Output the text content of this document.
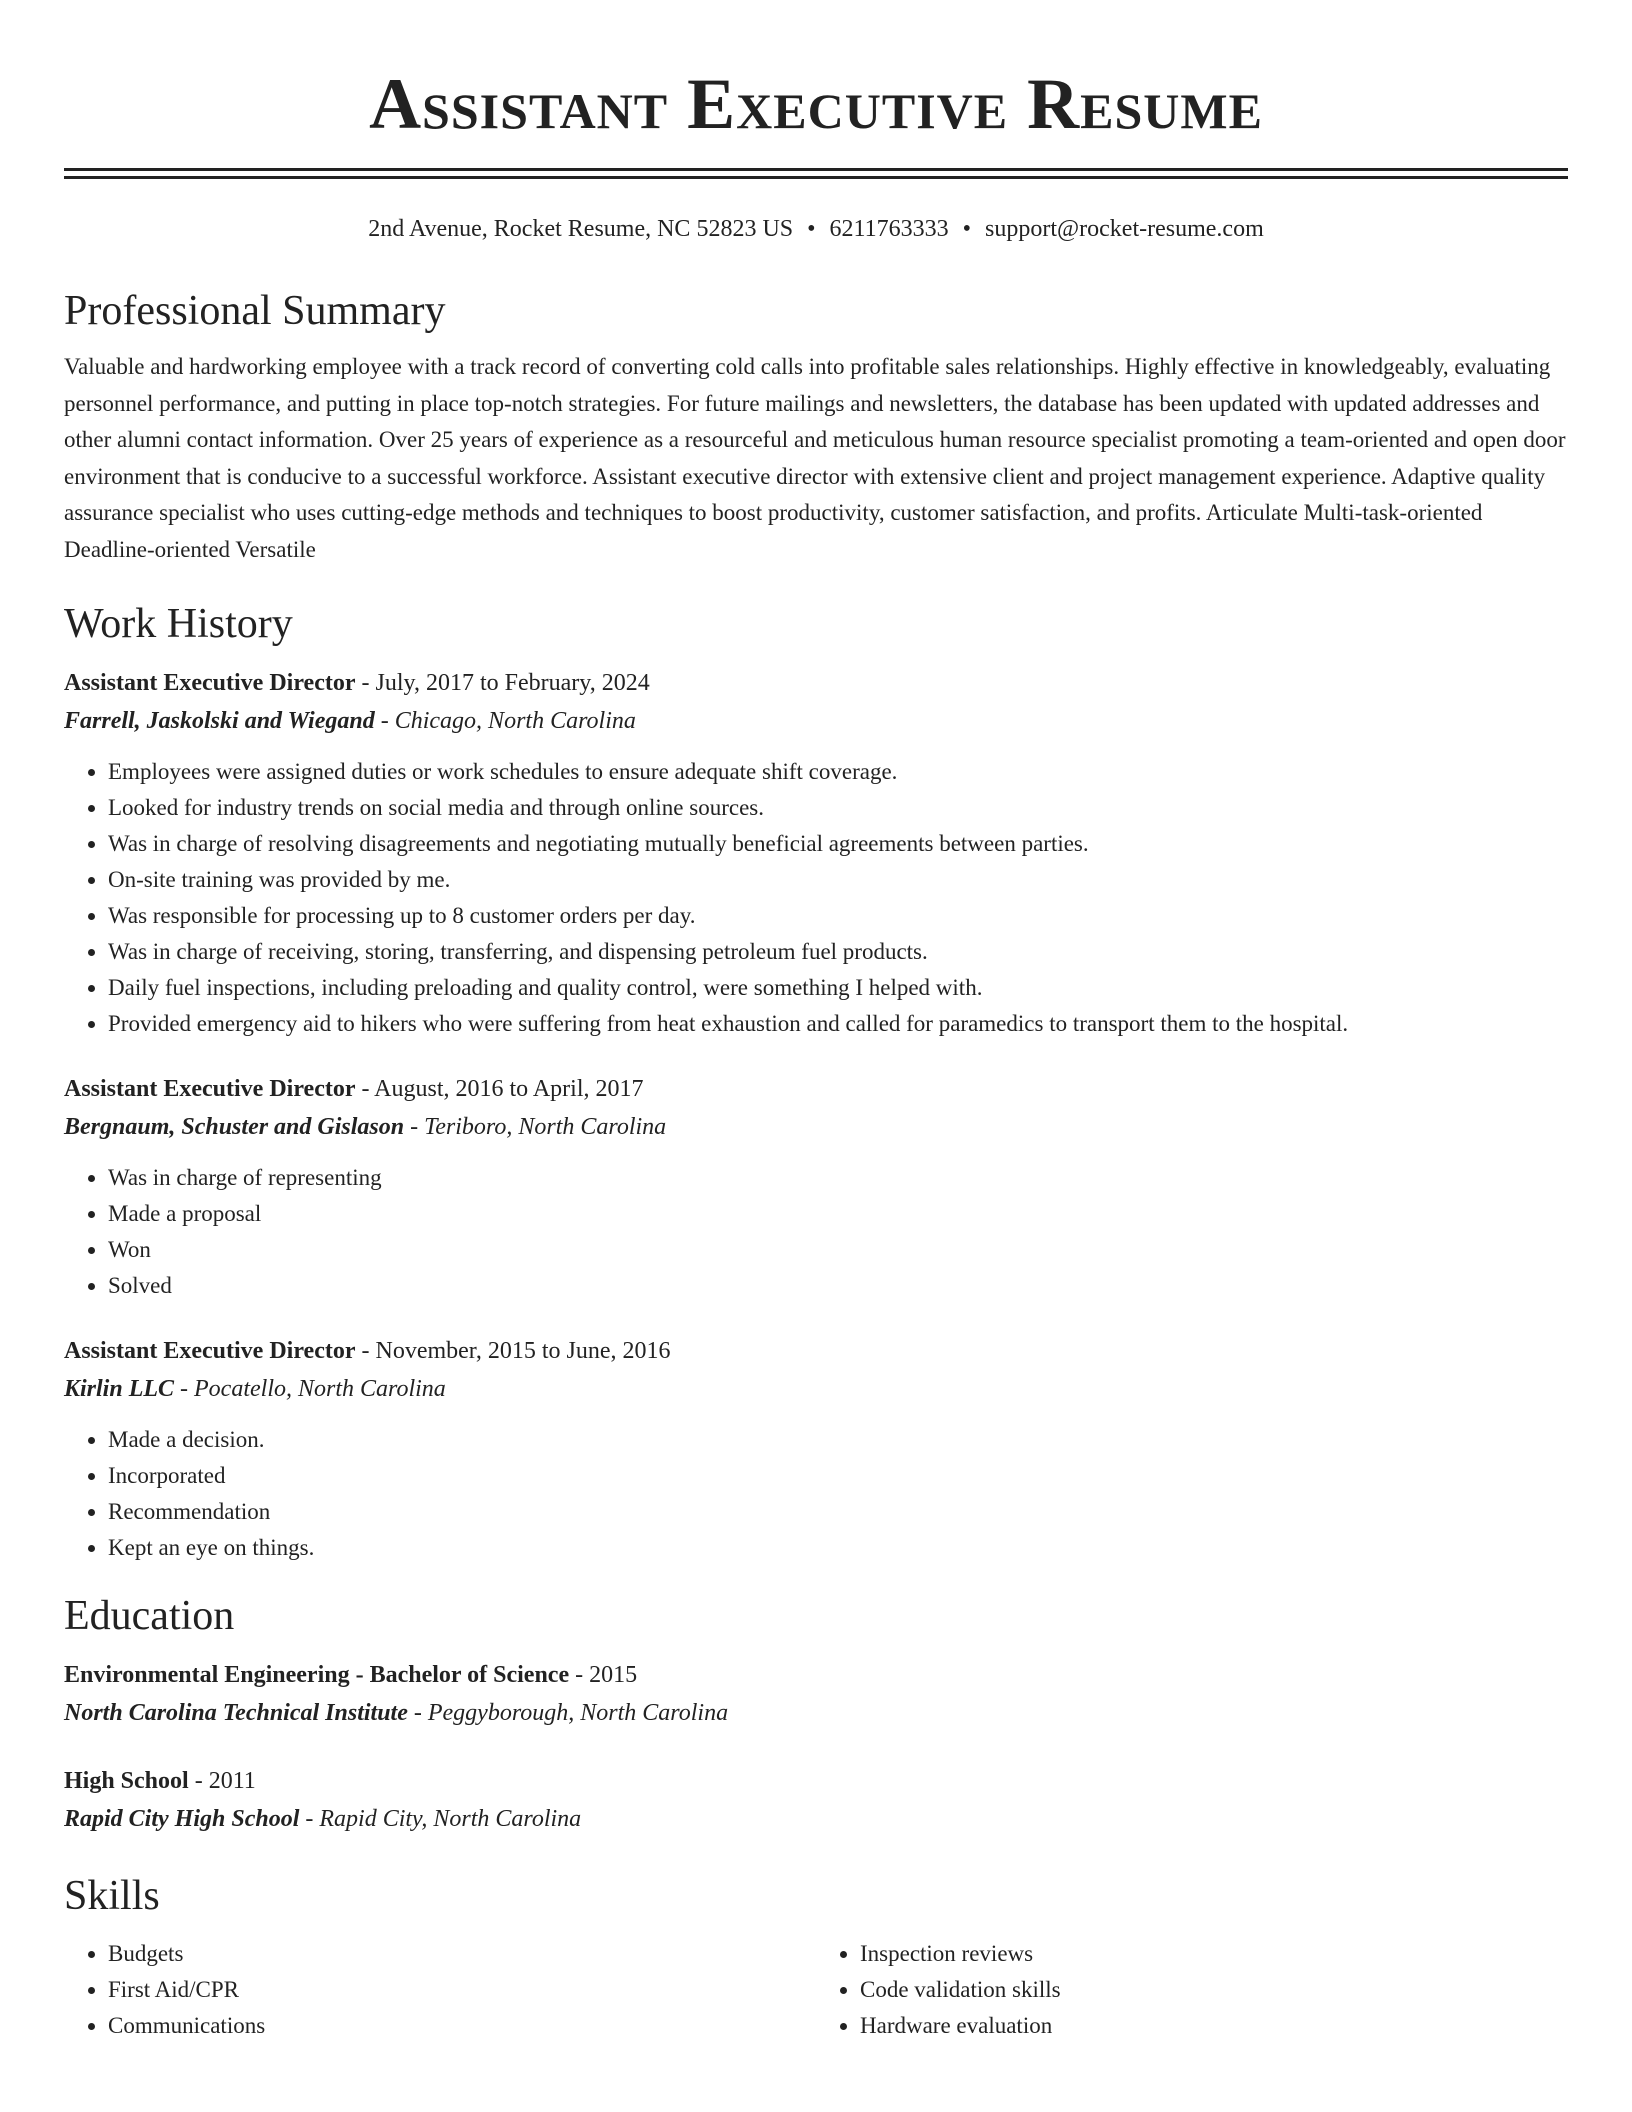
Assistant Executive Resume
2nd Avenue, Rocket Resume, NC 52823 US • 6211763333 • support@rocket-resume.com
Professional Summary

Valuable and hardworking employee with a track record of converting cold calls into profitable sales relationships. Highly effective in knowledgeably, evaluating personnel performance, and putting in place top-notch strategies. For future mailings and newsletters, the database has been updated with updated addresses and other alumni contact information. Over 25 years of experience as a resourceful and meticulous human resource specialist promoting a team-oriented and open door environment that is conducive to a successful workforce. Assistant executive director with extensive client and project management experience. Adaptive quality assurance specialist who uses cutting-edge methods and techniques to boost productivity, customer satisfaction, and profits. Articulate Multi-task-oriented Deadline-oriented Versatile

Work History
Assistant Executive Director - July, 2017 to February, 2024
Farrell, Jaskolski and Wiegand - Chicago, North Carolina
• Employees were assigned duties or work schedules to ensure adequate shift coverage.
• Looked for industry trends on social media and through online sources.
• Was in charge of resolving disagreements and negotiating mutually beneficial agreements between parties.
• On-site training was provided by me.
• Was responsible for processing up to 8 customer orders per day.
• Was in charge of receiving, storing, transferring, and dispensing petroleum fuel products.
• Daily fuel inspections, including preloading and quality control, were something I helped with.
• Provided emergency aid to hikers who were suffering from heat exhaustion and called for paramedics to transport them to the hospital.
Assistant Executive Director - August, 2016 to April, 2017
Bergnaum, Schuster and Gislason - Teriboro, North Carolina
• Was in charge of representing
• Made a proposal
• Won
• Solved
Assistant Executive Director - November, 2015 to June, 2016
Kirlin LLC - Pocatello, North Carolina
• Made a decision.
• Incorporated
• Recommendation
• Kept an eye on things.
Education
Environmental Engineering - Bachelor of Science - 2015
North Carolina Technical Institute - Peggyborough, North Carolina
High School - 2011
Rapid City High School - Rapid City, North Carolina
Skills
• Budgets
• First Aid/CPR
• Communications
• Inspection reviews
• Code validation skills
• Hardware evaluation
